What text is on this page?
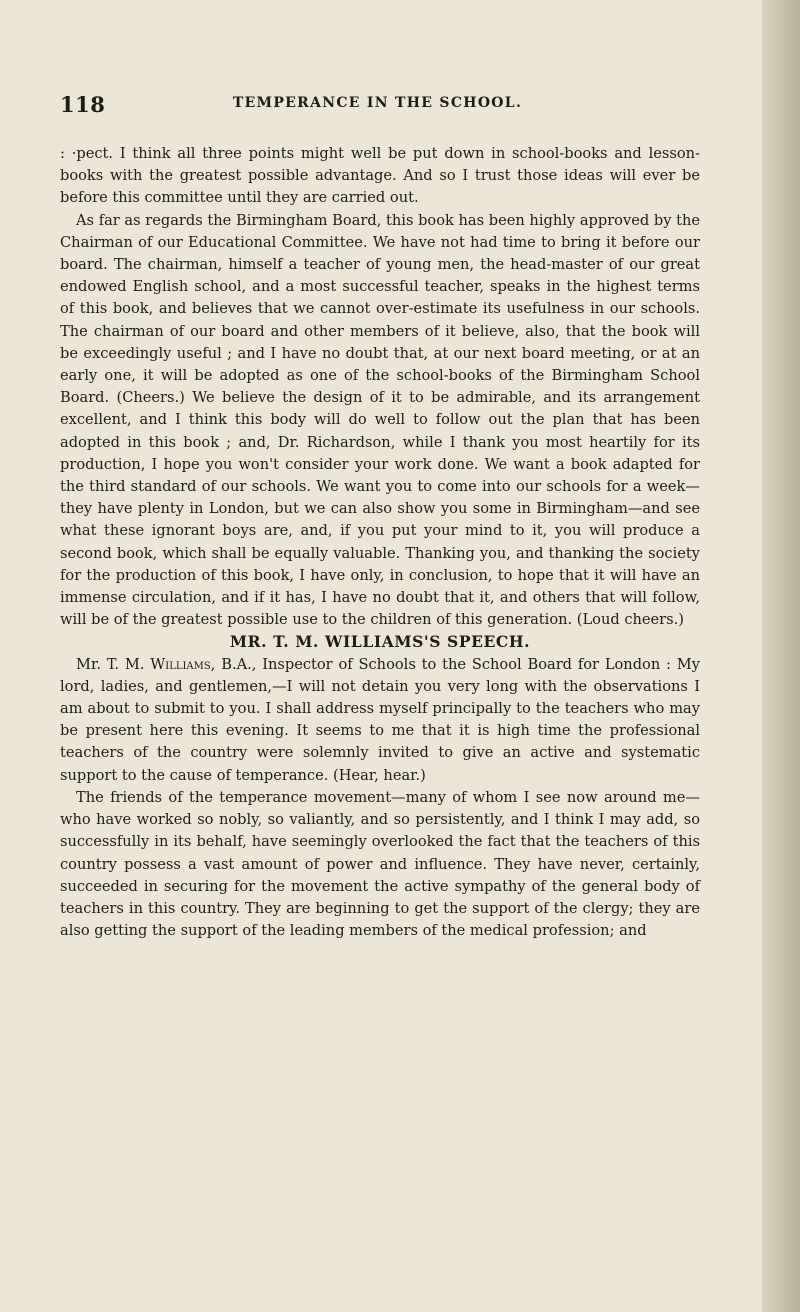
118	TEMPERANCE IN THE SCHOOL.

: ·pect. I think all three points might well be put down in school-books and lesson-books with the greatest possible advantage. And so I trust those ideas will ever be before this committee until they are carried out.

As far as regards the Birmingham Board, this book has been highly approved by the Chairman of our Educational Committee. We have not had time to bring it before our board. The chairman, himself a teacher of young men, the head-master of our great endowed English school, and a most successful teacher, speaks in the highest terms of this book, and believes that we cannot over-estimate its usefulness in our schools. The chairman of our board and other members of it believe, also, that the book will be exceedingly useful ; and I have no doubt that, at our next board meeting, or at an early one, it will be adopted as one of the school-books of the Birmingham School Board. (Cheers.) We believe the design of it to be admirable, and its arrangement excellent, and I think this body will do well to follow out the plan that has been adopted in this book ; and, Dr. Richardson, while I thank you most heartily for its production, I hope you won't consider your work done. We want a book adapted for the third standard of our schools. We want you to come into our schools for a week—they have plenty in London, but we can also show you some in Birmingham—and see what these ignorant boys are, and, if you put your mind to it, you will produce a second book, which shall be equally valuable. Thanking you, and thanking the society for the production of this book, I have only, in conclusion, to hope that it will have an immense circulation, and if it has, I have no doubt that it, and others that will follow, will be of the greatest possible use to the children of this generation. (Loud cheers.)

MR. T. M. WILLIAMS'S SPEECH.

Mr. T. M. Williams, B.A., Inspector of Schools to the School Board for London : My lord, ladies, and gentlemen,—I will not detain you very long with the observations I am about to submit to you. I shall address myself principally to the teachers who may be present here this evening. It seems to me that it is high time the professional teachers of the country were solemnly invited to give an active and systematic support to the cause of temperance. (Hear, hear.)

The friends of the temperance movement—many of whom I see now around me—who have worked so nobly, so valiantly, and so persistently, and I think I may add, so successfully in its behalf, have seemingly overlooked the fact that the teachers of this country possess a vast amount of power and influence. They have never, certainly, succeeded in securing for the movement the active sympathy of the general body of teachers in this country. They are beginning to get the support of the clergy; they are also getting the support of the leading members of the medical profession; and
